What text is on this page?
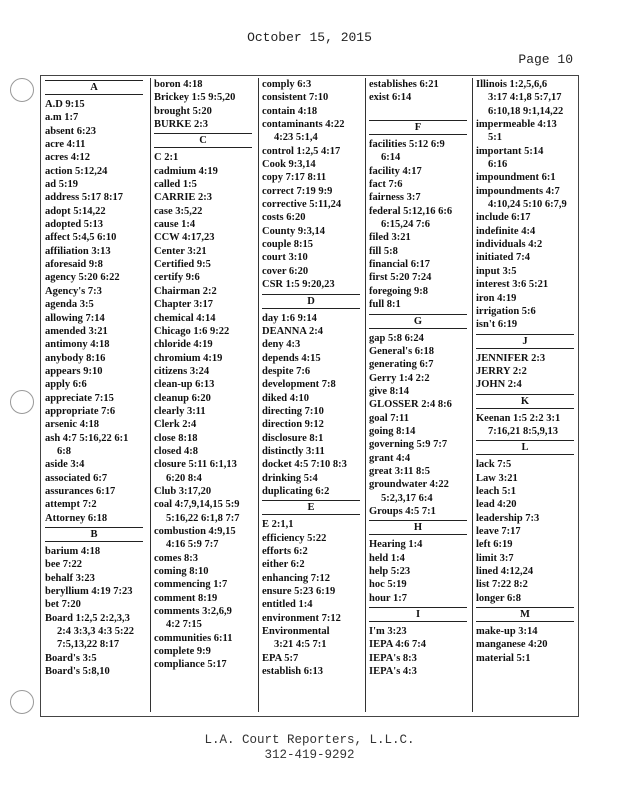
October 15, 2015
Page 10
A
A.D 9:15
a.m 1:7
absent 6:23
acre 4:11
acres 4:12
action 5:12,24
ad 5:19
address 5:17 8:17
adopt 5:14,22
adopted 5:13
affect 5:4,5 6:10
affiliation 3:13
aforesaid 9:8
agency 5:20 6:22
Agency's 7:3
agenda 3:5
allowing 7:14
amended 3:21
antimony 4:18
anybody 8:16
appears 9:10
apply 6:6
appreciate 7:15
appropriate 7:6
arsenic 4:18
ash 4:7 5:16,22 6:1
6:8
aside 3:4
associated 6:7
assurances 6:17
attempt 7:2
Attorney 6:18
B
barium 4:18
bee 7:22
behalf 3:23
beryllium 4:19 7:23
bet 7:20
Board 1:2,5 2:2,3,3
2:4 3:3,3 4:3 5:22
7:5,13,22 8:17
Board's 3:5
Board's 5:8,10
boron 4:18
Brickey 1:5 9:5,20
brought 5:20
BURKE 2:3
C
C 2:1
cadmium 4:19
called 1:5
CARRIE 2:3
case 3:5,22
cause 1:4
CCW 4:17,23
Center 3:21
Certified 9:5
certify 9:6
Chairman 2:2
Chapter 3:17
chemical 4:14
Chicago 1:6 9:22
chloride 4:19
chromium 4:19
citizens 3:24
clean-up 6:13
cleanup 6:20
clearly 3:11
Clerk 2:4
close 8:18
closed 4:8
closure 5:11 6:1,13
6:20 8:4
Club 3:17,20
coal 4:7,9,14,15 5:9
5:16,22 6:1,8 7:7
combustion 4:9,15
4:16 5:9 7:7
comes 8:3
coming 8:10
commencing 1:7
comment 8:19
comments 3:2,6,9
4:2 7:15
communities 6:11
complete 9:9
compliance 5:17
comply 6:3
consistent 7:10
contain 4:18
contaminants 4:22
4:23 5:1,4
control 1:2,5 4:17
Cook 9:3,14
copy 7:17 8:11
correct 7:19 9:9
corrective 5:11,24
costs 6:20
County 9:3,14
couple 8:15
court 3:10
cover 6:20
CSR 1:5 9:20,23
D
day 1:6 9:14
DEANNA 2:4
deny 4:3
depends 4:15
despite 7:6
development 7:8
diked 4:10
directing 7:10
direction 9:12
disclosure 8:1
distinctly 3:11
docket 4:5 7:10 8:3
drinking 5:4
duplicating 6:2
E
E 2:1,1
efficiency 5:22
efforts 6:2
either 6:2
enhancing 7:12
ensure 5:23 6:19
entitled 1:4
environment 7:12
Environmental
3:21 4:5 7:1
EPA 5:7
establish 6:13
establishes 6:21
exist 6:14

F
facilities 5:12 6:9
6:14
facility 4:17
fact 7:6
fairness 3:7
federal 5:12,16 6:6
6:15,24 7:6
filed 3:21
fill 5:8
financial 6:17
first 5:20 7:24
foregoing 9:8
full 8:1
G
gap 5:8 6:24
General's 6:18
generating 6:7
Gerry 1:4 2:2
give 8:14
GLOSSER 2:4 8:6
goal 7:11
going 8:14
governing 5:9 7:7
grant 4:4
great 3:11 8:5
groundwater 4:22
5:2,3,17 6:4
Groups 4:5 7:1
H
Hearing 1:4
held 1:4
help 5:23
hoc 5:19
hour 1:7
I
I'm 3:23
IEPA 4:6 7:4
IEPA's 8:3
IEPA's 4:3
Illinois 1:2,5,6,6
3:17 4:1,8 5:7,17
6:10,18 9:1,14,22
impermeable 4:13
5:1
important 5:14
6:16
impoundment 6:1
impoundments 4:7
4:10,24 5:10 6:7,9
include 6:17
indefinite 4:4
individuals 4:2
initiated 7:4
input 3:5
interest 3:6 5:21
iron 4:19
irrigation 5:6
isn't 6:19
J
JENNIFER 2:3
JERRY 2:2
JOHN 2:4
K
Keenan 1:5 2:2 3:1
7:16,21 8:5,9,13
L
lack 7:5
Law 3:21
leach 5:1
lead 4:20
leadership 7:3
leave 7:17
left 6:19
limit 3:7
lined 4:12,24
list 7:22 8:2
longer 6:8
M
make-up 3:14
manganese 4:20
material 5:1
L.A. Court Reporters, L.L.C.
312-419-9292
